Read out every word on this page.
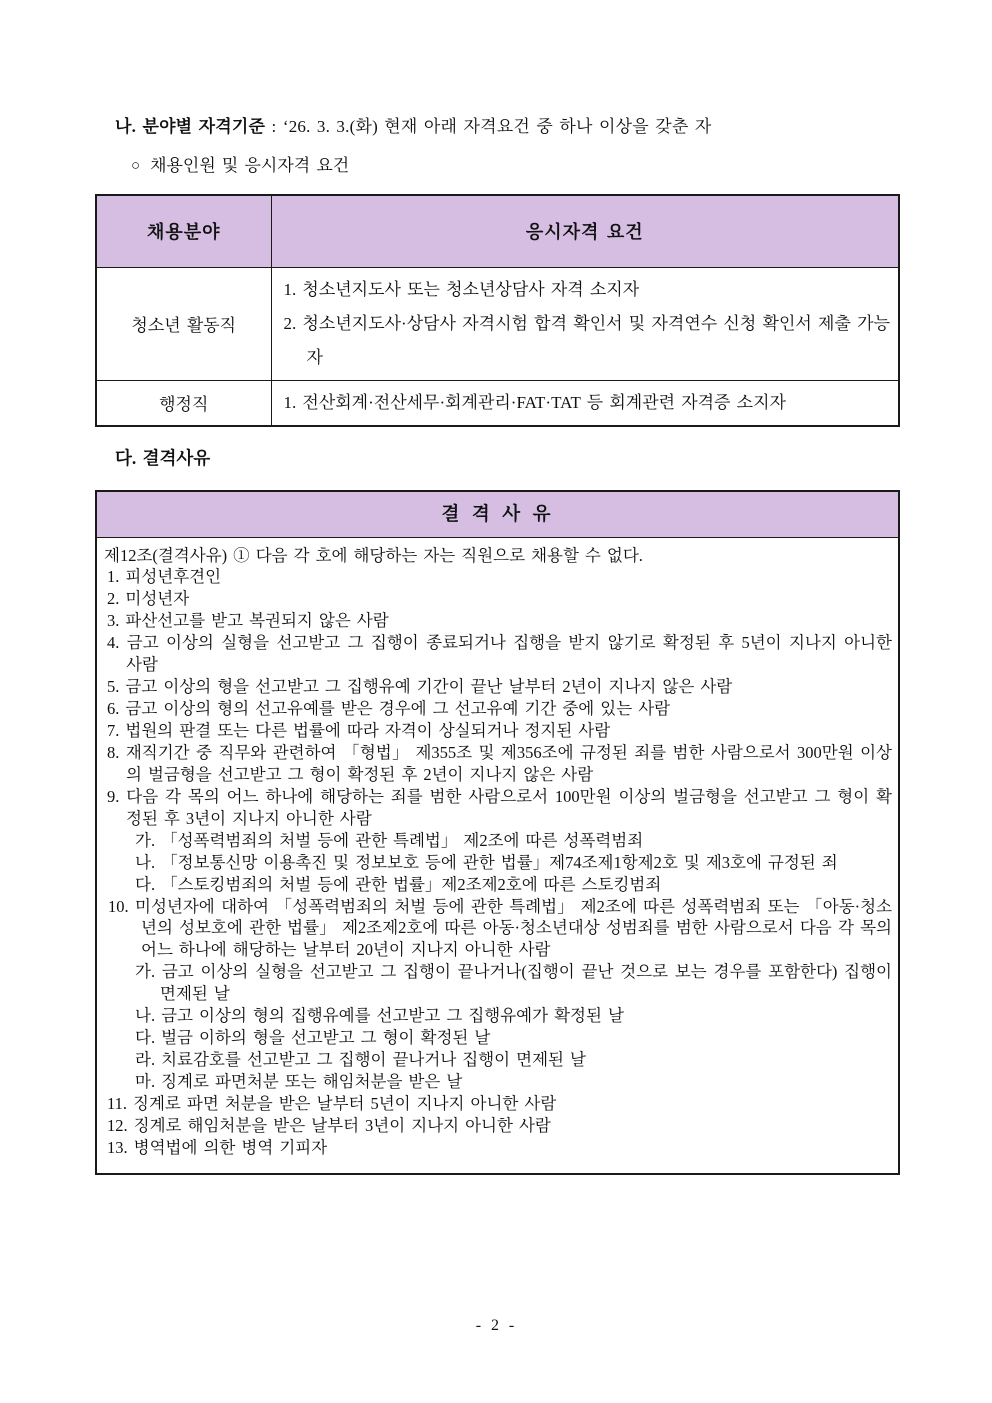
나. 분야별 자격기준 : ‘26. 3. 3.(화) 현재 아래 자격요건 중 하나 이상을 갖춘 자
○ 채용인원 및 응시자격 요건
채용분야	응시자격 요건
청소년 활동직	1. 청소년지도사 또는 청소년상담사 자격 소지자
2. 청소년지도사·상담사 자격시험 합격 확인서 및 자격연수 신청 확인서 제출 가능자

행정직	1. 전산회계·전산세무·회계관리·FAT·TAT 등 회계관련 자격증 소지자
다. 결격사유
결 격 사 유
제12조(결격사유) ① 다음 각 호에 해당하는 자는 직원으로 채용할 수 없다.
1. 피성년후견인
2. 미성년자
3. 파산선고를 받고 복권되지 않은 사람
4. 금고 이상의 실형을 선고받고 그 집행이 종료되거나 집행을 받지 않기로 확정된 후 5년이 지나지 아니한 사람
5. 금고 이상의 형을 선고받고 그 집행유예 기간이 끝난 날부터 2년이 지나지 않은 사람
6. 금고 이상의 형의 선고유예를 받은 경우에 그 선고유예 기간 중에 있는 사람
7. 법원의 판결 또는 다른 법률에 따라 자격이 상실되거나 정지된 사람
8. 재직기간 중 직무와 관련하여 「형법」 제355조 및 제356조에 규정된 죄를 범한 사람으로서 300만원 이상의 벌금형을 선고받고 그 형이 확정된 후 2년이 지나지 않은 사람
9. 다음 각 목의 어느 하나에 해당하는 죄를 범한 사람으로서 100만원 이상의 벌금형을 선고받고 그 형이 확정된 후 3년이 지나지 아니한 사람
가. 「성폭력범죄의 처벌 등에 관한 특례법」 제2조에 따른 성폭력범죄
나. 「정보통신망 이용촉진 및 정보보호 등에 관한 법률」제74조제1항제2호 및 제3호에 규정된 죄
다. 「스토킹범죄의 처벌 등에 관한 법률」제2조제2호에 따른 스토킹범죄
10. 미성년자에 대하여 「성폭력범죄의 처벌 등에 관한 특례법」 제2조에 따른 성폭력범죄 또는 「아동·청소년의 성보호에 관한 법률」 제2조제2호에 따른 아동·청소년대상 성범죄를 범한 사람으로서 다음 각 목의 어느 하나에 해당하는 날부터 20년이 지나지 아니한 사람
가. 금고 이상의 실형을 선고받고 그 집행이 끝나거나(집행이 끝난 것으로 보는 경우를 포함한다) 집행이 면제된 날
나. 금고 이상의 형의 집행유예를 선고받고 그 집행유예가 확정된 날
다. 벌금 이하의 형을 선고받고 그 형이 확정된 날
라. 치료감호를 선고받고 그 집행이 끝나거나 집행이 면제된 날
마. 징계로 파면처분 또는 해임처분을 받은 날
11. 징계로 파면 처분을 받은 날부터 5년이 지나지 아니한 사람
12. 징계로 해임처분을 받은 날부터 3년이 지나지 아니한 사람
13. 병역법에 의한 병역 기피자
- 2 -
